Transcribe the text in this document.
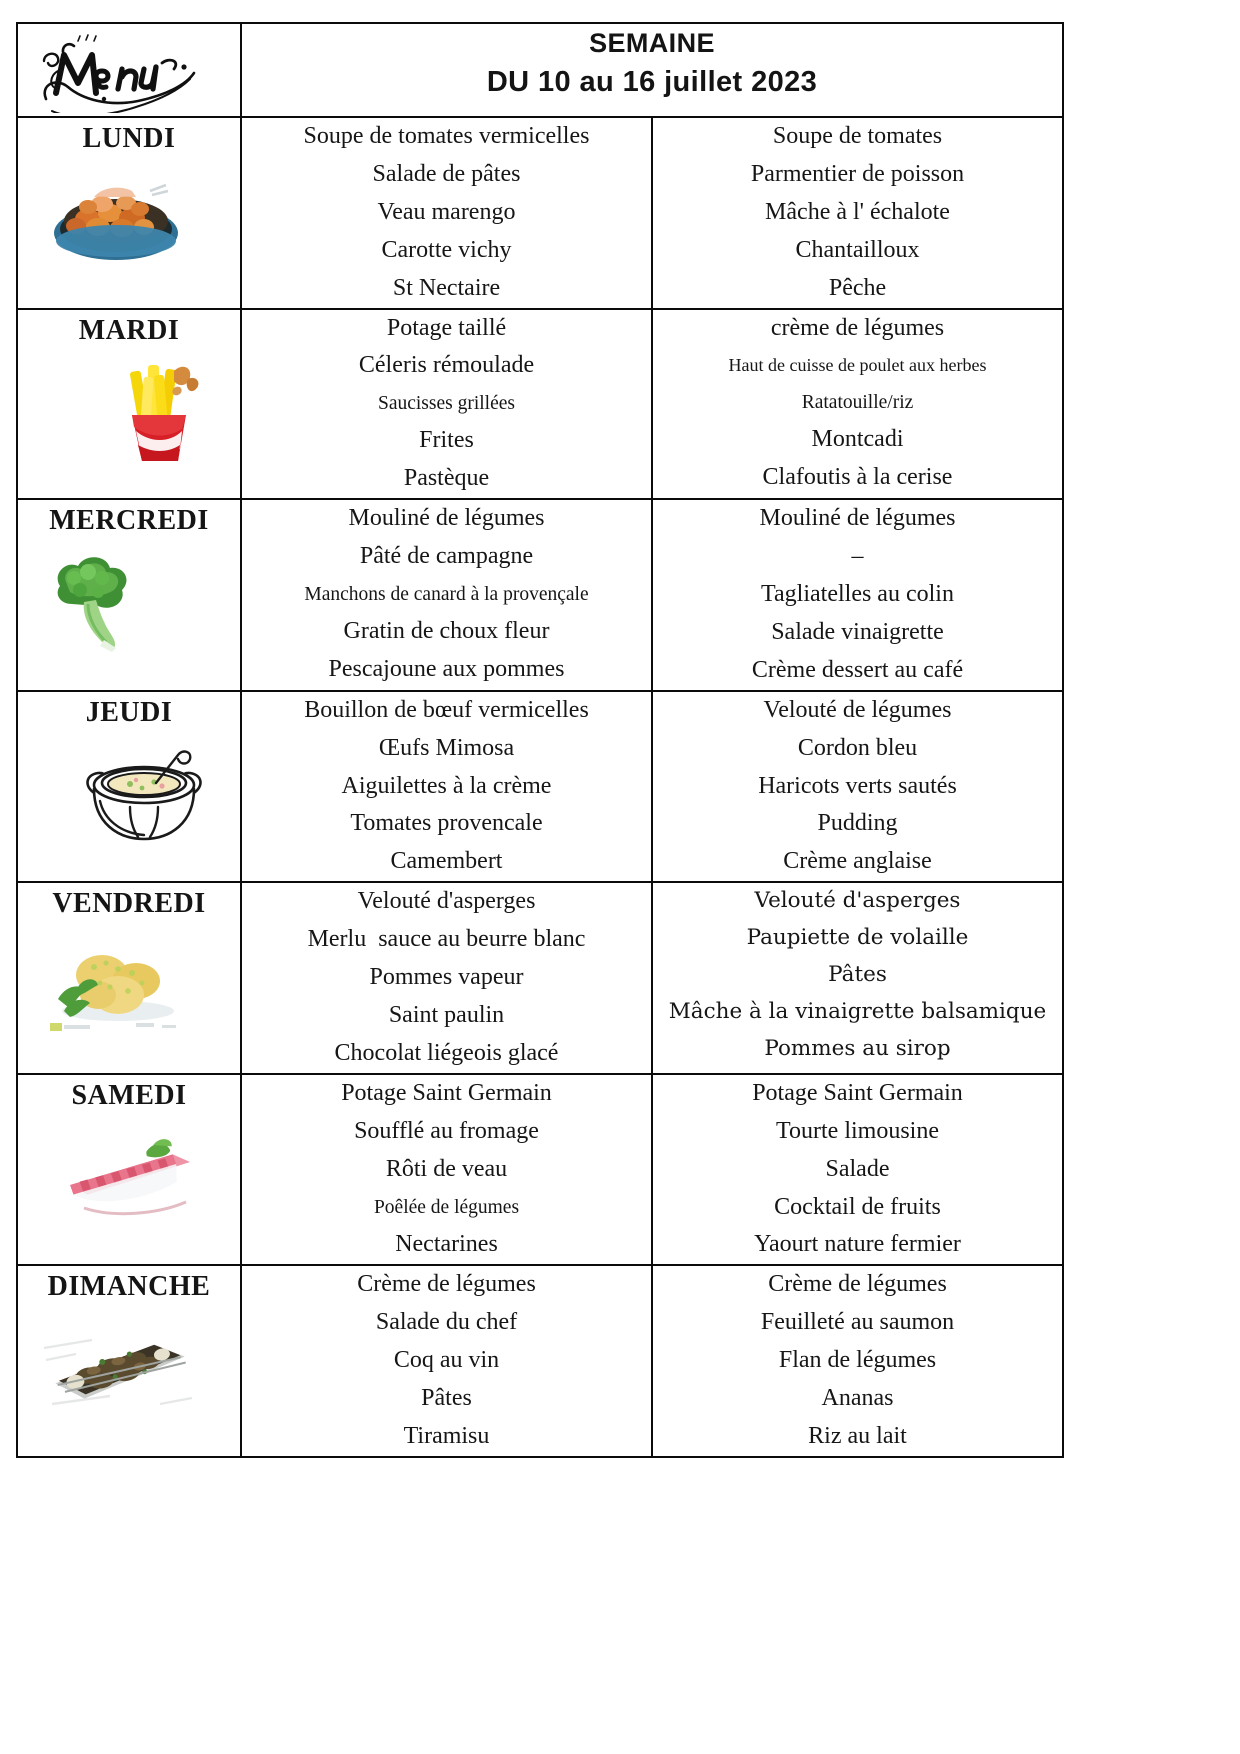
SEMAINE
DU 10 au 16 juillet 2023	

LUNDI	Soupe de tomates vermicelles
Salade de pâtes
Veau marengo
Carotte vichy
St Nectaire

Soupe de tomates
Parmentier de poisson
Mâche à l' échalote
Chantailloux
Pêche

MARDI	Potage taillé
Céleris rémoulade
Saucisses grillées
Frites
Pastèque

crème de légumes
Haut de cuisse de poulet aux herbes
Ratatouille/riz
Montcadi
Clafoutis à la cerise

MERCREDI	Mouliné de légumes
Pâté de campagne
Manchons de canard à la provençale
Gratin de choux fleur
Pescajoune aux pommes

Mouliné de légumes
–
Tagliatelles au colin
Salade vinaigrette
Crème dessert au café

JEUDI	Bouillon de bœuf vermicelles
Œufs Mimosa
Aiguilettes à la crème
Tomates provencale
Camembert

Velouté de légumes
Cordon bleu
Haricots verts sautés
Pudding
Crème anglaise

VENDREDI	Velouté d'asperges
Merlu  sauce au beurre blanc
Pommes vapeur
Saint paulin
Chocolat liégeois glacé

Velouté d'asperges
Paupiette de volaille
Pâtes
Mâche à la vinaigrette balsamique
Pommes au sirop

SAMEDI	Potage Saint Germain
Soufflé au fromage
Rôti de veau
Poêlée de légumes
Nectarines

Potage Saint Germain
Tourte limousine
Salade
Cocktail de fruits
Yaourt nature fermier

DIMANCHE	Crème de légumes
Salade du chef
Coq au vin
Pâtes
Tiramisu

Crème de légumes
Feuilleté au saumon
Flan de légumes
Ananas
Riz au lait
